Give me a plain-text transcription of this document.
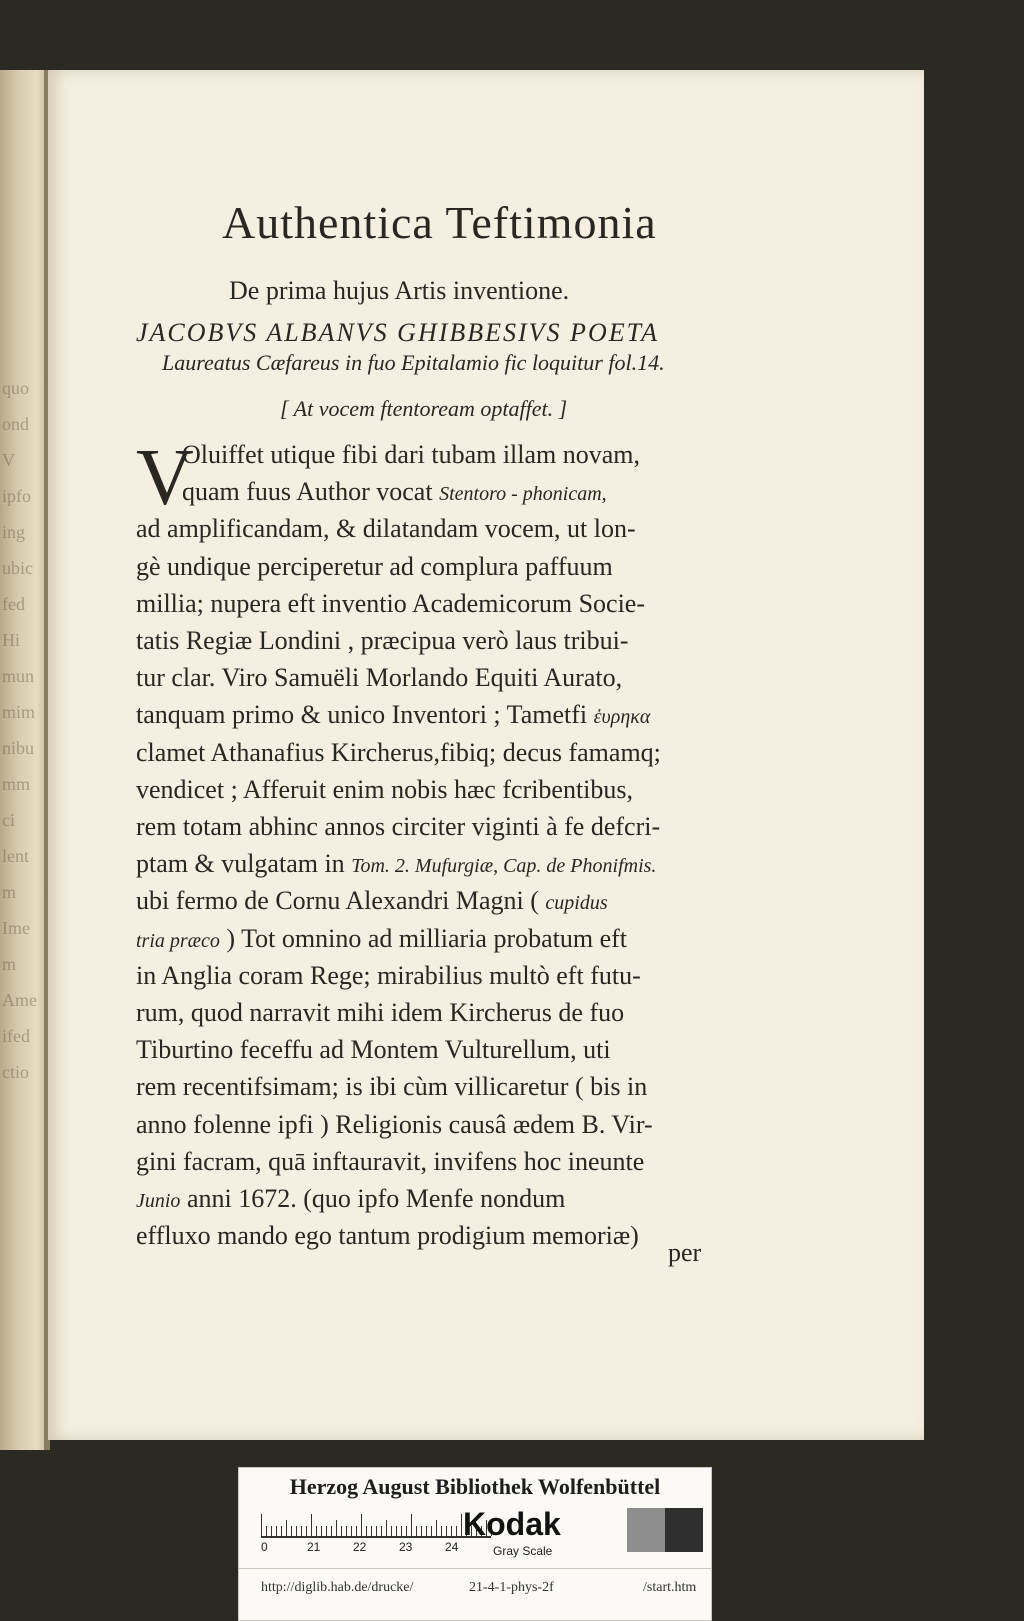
quo
ond
V
ipfo
ing
ubic
fed
Hi
mun
mim
nibu
mm
ci
lent
m
Ime
m
Ame
ifed
ctio
Authentica Teftimonia
De prima hujus Artis inventione.
JACOBVS ALBANVS GHIBBESIVS POETA
Laureatus Cæfareus in fuo Epitalamio fic loquitur fol.14.
[ At vocem ftentoream optaffet. ]
V
Oluiffet utique fibi dari tubam illam novam,
quam fuus Author vocat Stentoro - phonicam,
ad amplificandam, & dilatandam vocem, ut lon-
gè undique perciperetur ad complura paffuum
millia; nupera eft inventio Academicorum Socie-
tatis Regiæ Londini , præcipua verò laus tribui-
tur clar. Viro Samuëli Morlando Equiti Aurato,
tanquam primo & unico Inventori ; Tametfi ἑυρηκα
clamet Athanafius Kircherus,fibiq; decus famamq;
vendicet ; Afferuit enim nobis hæc fcribentibus,
rem totam abhinc annos circiter viginti à fe defcri-
ptam & vulgatam in Tom. 2. Mufurgiæ, Cap. de Phonifmis.
ubi fermo de Cornu Alexandri Magni ( cupidus
tria præco ) Tot omnino ad milliaria probatum eft
in Anglia coram Rege; mirabilius multò eft futu-
rum, quod narravit mihi idem Kircherus de fuo
Tiburtino feceffu ad Montem Vulturellum, uti
rem recentifsimam; is ibi cùm villicaretur ( bis in
anno folenne ipfi ) Religionis causâ ædem B. Vir-
gini facram, quā inftauravit, invifens hoc ineunte
Junio anni 1672. (quo ipfo Menfe nondum
effluxo mando ego tantum prodigium memoriæ)
per
Herzog August Bibliothek Wolfenbüttel
0	21	22	23	24
Kodak
Gray Scale
http://diglib.hab.de/drucke/	21-4-1-phys-2f	/start.htm
